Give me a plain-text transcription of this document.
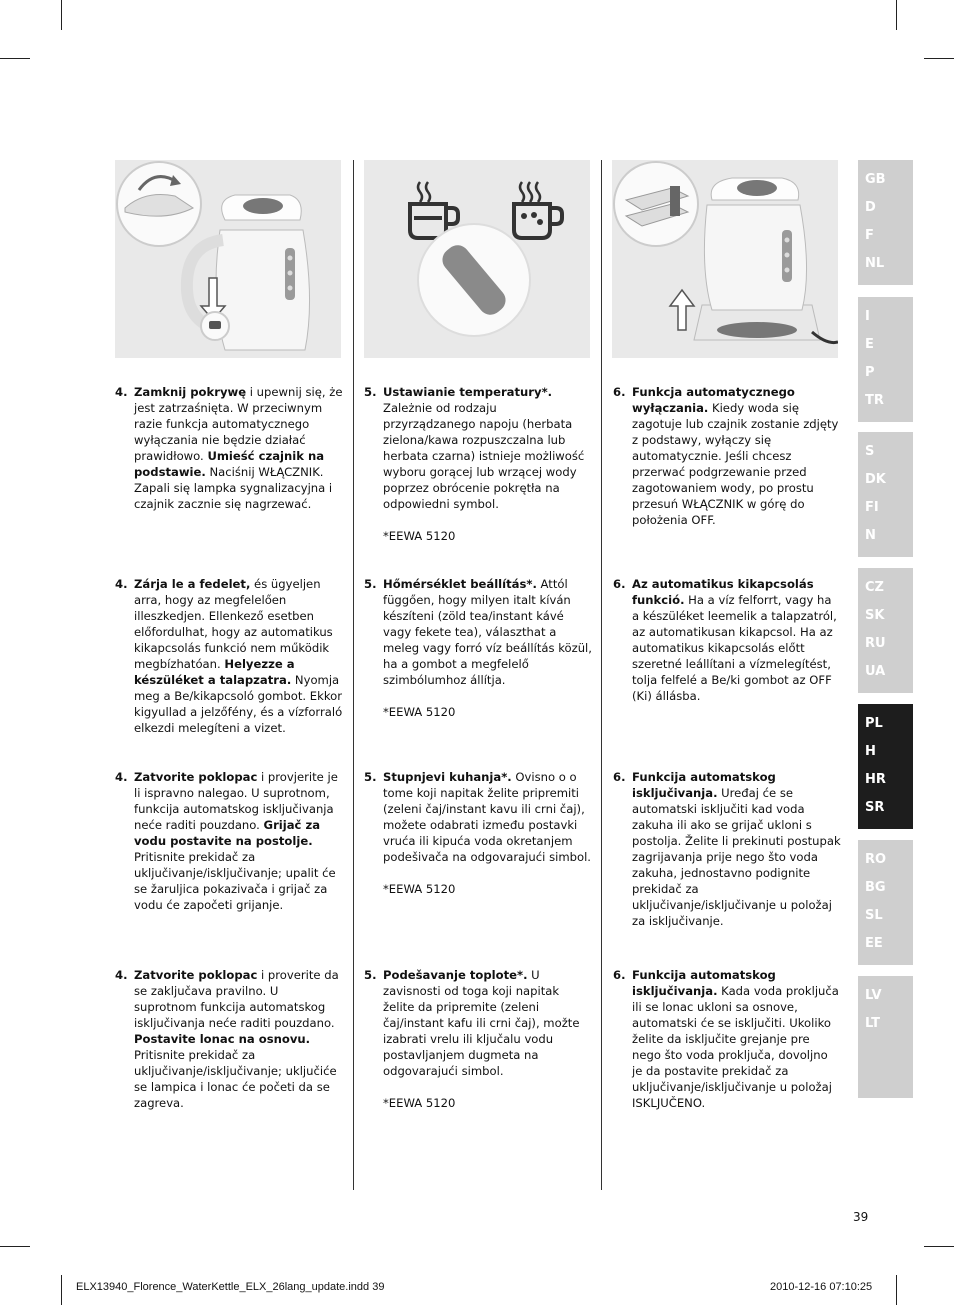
4. Zamknij pokrywę i upewnij się, że jest zatrzaśnięta. W przeciwnym razie funkcja automatycznego wyłączania nie będzie działać prawidłowo. Umieść czajnik na podstawie. Naciśnij WŁĄCZNIK. Zapali się lampka sygnalizacyjna i czajnik zacznie się nagrzewać.
5. Ustawianie temperatury*. Zależnie od rodzaju przyrządzanego napoju (herbata zielona/kawa rozpuszczalna lub herbata czarna) istnieje możliwość wyboru gorącej lub wrzącej wody poprzez obrócenie pokrętła na odpowiedni symbol.
*EEWA 5120
6. Funkcja automatycznego wyłączania. Kiedy woda się zagotuje lub czajnik zostanie zdjęty z podstawy, wyłączy się automatycznie. Jeśli chcesz przerwać podgrzewanie przed zagotowaniem wody, po prostu przesuń WŁĄCZNIK w górę do położenia OFF.
4. Zárja le a fedelet, és ügyeljen arra, hogy az megfelelően illeszkedjen. Ellenkező esetben előfordulhat, hogy az automatikus kikapcsolás funkció nem működik megbízhatóan. Helyezze a készüléket a talapzatra. Nyomja meg a Be/kikapcsoló gombot. Ekkor kigyullad a jelzőfény, és a vízforraló elkezdi melegíteni a vizet.
5. Hőmérséklet beállítás*. Attól függően, hogy milyen italt kíván készíteni (zöld tea/instant kávé vagy fekete tea), választhat a meleg vagy forró víz beállítás közül, ha a gombot a megfelelő szimbólumhoz állítja.
*EEWA 5120
6. Az automatikus kikapcsolás funkció. Ha a víz felforrt, vagy ha a készüléket leemelik a talapzatról, az automatikusan kikapcsol. Ha az automatikus kikapcsolás előtt szeretné leállítani a vízmelegítést, tolja felfelé a Be/ki gombot az OFF (Ki) állásba.
4. Zatvorite poklopac i provjerite je li ispravno nalegao. U suprotnom, funkcija automatskog isključivanja neće raditi pouzdano. Grijač za vodu postavite na postolje. Pritisnite prekidač za uključivanje/isključivanje; upalit će se žaruljica pokazivača i grijač za vodu će započeti grijanje.
5. Stupnjevi kuhanja*. Ovisno o o tome koji napitak želite pripremiti (zeleni čaj/instant kavu ili crni čaj), možete odabrati između postavki vruća ili kipuća voda okretanjem podešivača na odgovarajući simbol.
*EEWA 5120
6. Funkcija automatskog isključivanja. Uređaj će se automatski isključiti kad voda zakuha ili ako se grijač ukloni s postolja. Želite li prekinuti postupak zagrijavanja prije nego što voda zakuha, jednostavno podignite prekidač za uključivanje/isključivanje u položaj za isključivanje.
4. Zatvorite poklopac i proverite da se zaključava pravilno. U suprotnom funkcija automatskog isključivanja neće raditi pouzdano. Postavite lonac na osnovu. Pritisnite prekidač za uključivanje/isključivanje; uključiće se lampica i lonac će početi da se zagreva.
5. Podešavanje toplote*. U zavisnosti od toga koji napitak želite da pripremite (zeleni čaj/instant kafu ili crni čaj), možte izabrati vrelu ili ključalu vodu postavljanjem dugmeta na odgovarajući simbol.
*EEWA 5120
6. Funkcija automatskog isključivanja. Kada voda proključa ili se lonac ukloni sa osnove, automatski će se isključiti. Ukoliko želite da isključite grejanje pre nego što voda proključa, dovoljno je da postavite prekidač za uključivanje/isključivanje u položaj ISKLJUČENO.
GB
D
F
NL
I
E
P
TR
S
DK
FI
N
CZ
SK
RU
UA
PL
H
HR
SR
RO
BG
SL
EE
LV
LT
39
ELX13940_Florence_WaterKettle_ELX_26lang_update.indd 39	2010-12-16 07:10:25
